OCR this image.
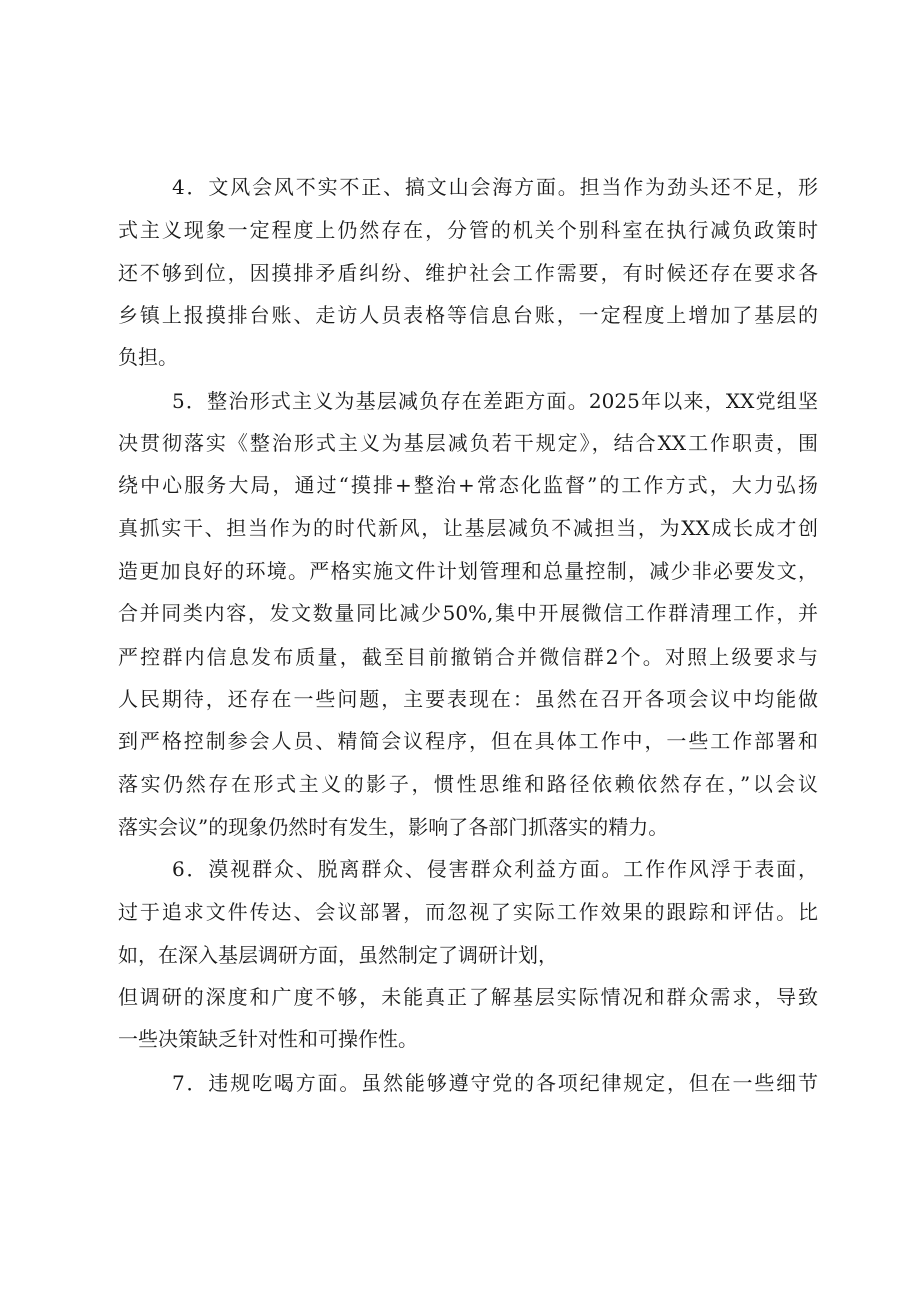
4．文风会风不实不正、搞文山会海方面。担当作为劲头还不足，形
式主义现象一定程度上仍然存在，分管的机关个别科室在执行减负政策时
还不够到位，因摸排矛盾纠纷、维护社会工作需要，有时候还存在要求各
乡镇上报摸排台账、走访人员表格等信息台账，一定程度上增加了基层的
负担。
5．整治形式主义为基层减负存在差距方面。2025年以来，XX党组坚
决贯彻落实《整治形式主义为基层减负若干规定》，结合XX工作职责，围
绕中心服务大局，通过“摸排+整治+常态化监督”的工作方式，大力弘扬
真抓实干、担当作为的时代新风，让基层减负不减担当，为XX成长成才创
造更加良好的环境。严格实施文件计划管理和总量控制，减少非必要发文，
合并同类内容，发文数量同比减少50%,集中开展微信工作群清理工作，并
严控群内信息发布质量，截至目前撤销合并微信群2个。对照上级要求与
人民期待，还存在一些问题，主要表现在：虽然在召开各项会议中均能做
到严格控制参会人员、精简会议程序，但在具体工作中，一些工作部署和
落实仍然存在形式主义的影子，惯性思维和路径依赖依然存在，”以会议
落实会议”的现象仍然时有发生，影响了各部门抓落实的精力。
6．漠视群众、脱离群众、侵害群众利益方面。工作作风浮于表面，
过于追求文件传达、会议部署，而忽视了实际工作效果的跟踪和评估。比
如，在深入基层调研方面，虽然制定了调研计划，
但调研的深度和广度不够，未能真正了解基层实际情况和群众需求，导致
一些决策缺乏针对性和可操作性。
7．违规吃喝方面。虽然能够遵守党的各项纪律规定，但在一些细节
